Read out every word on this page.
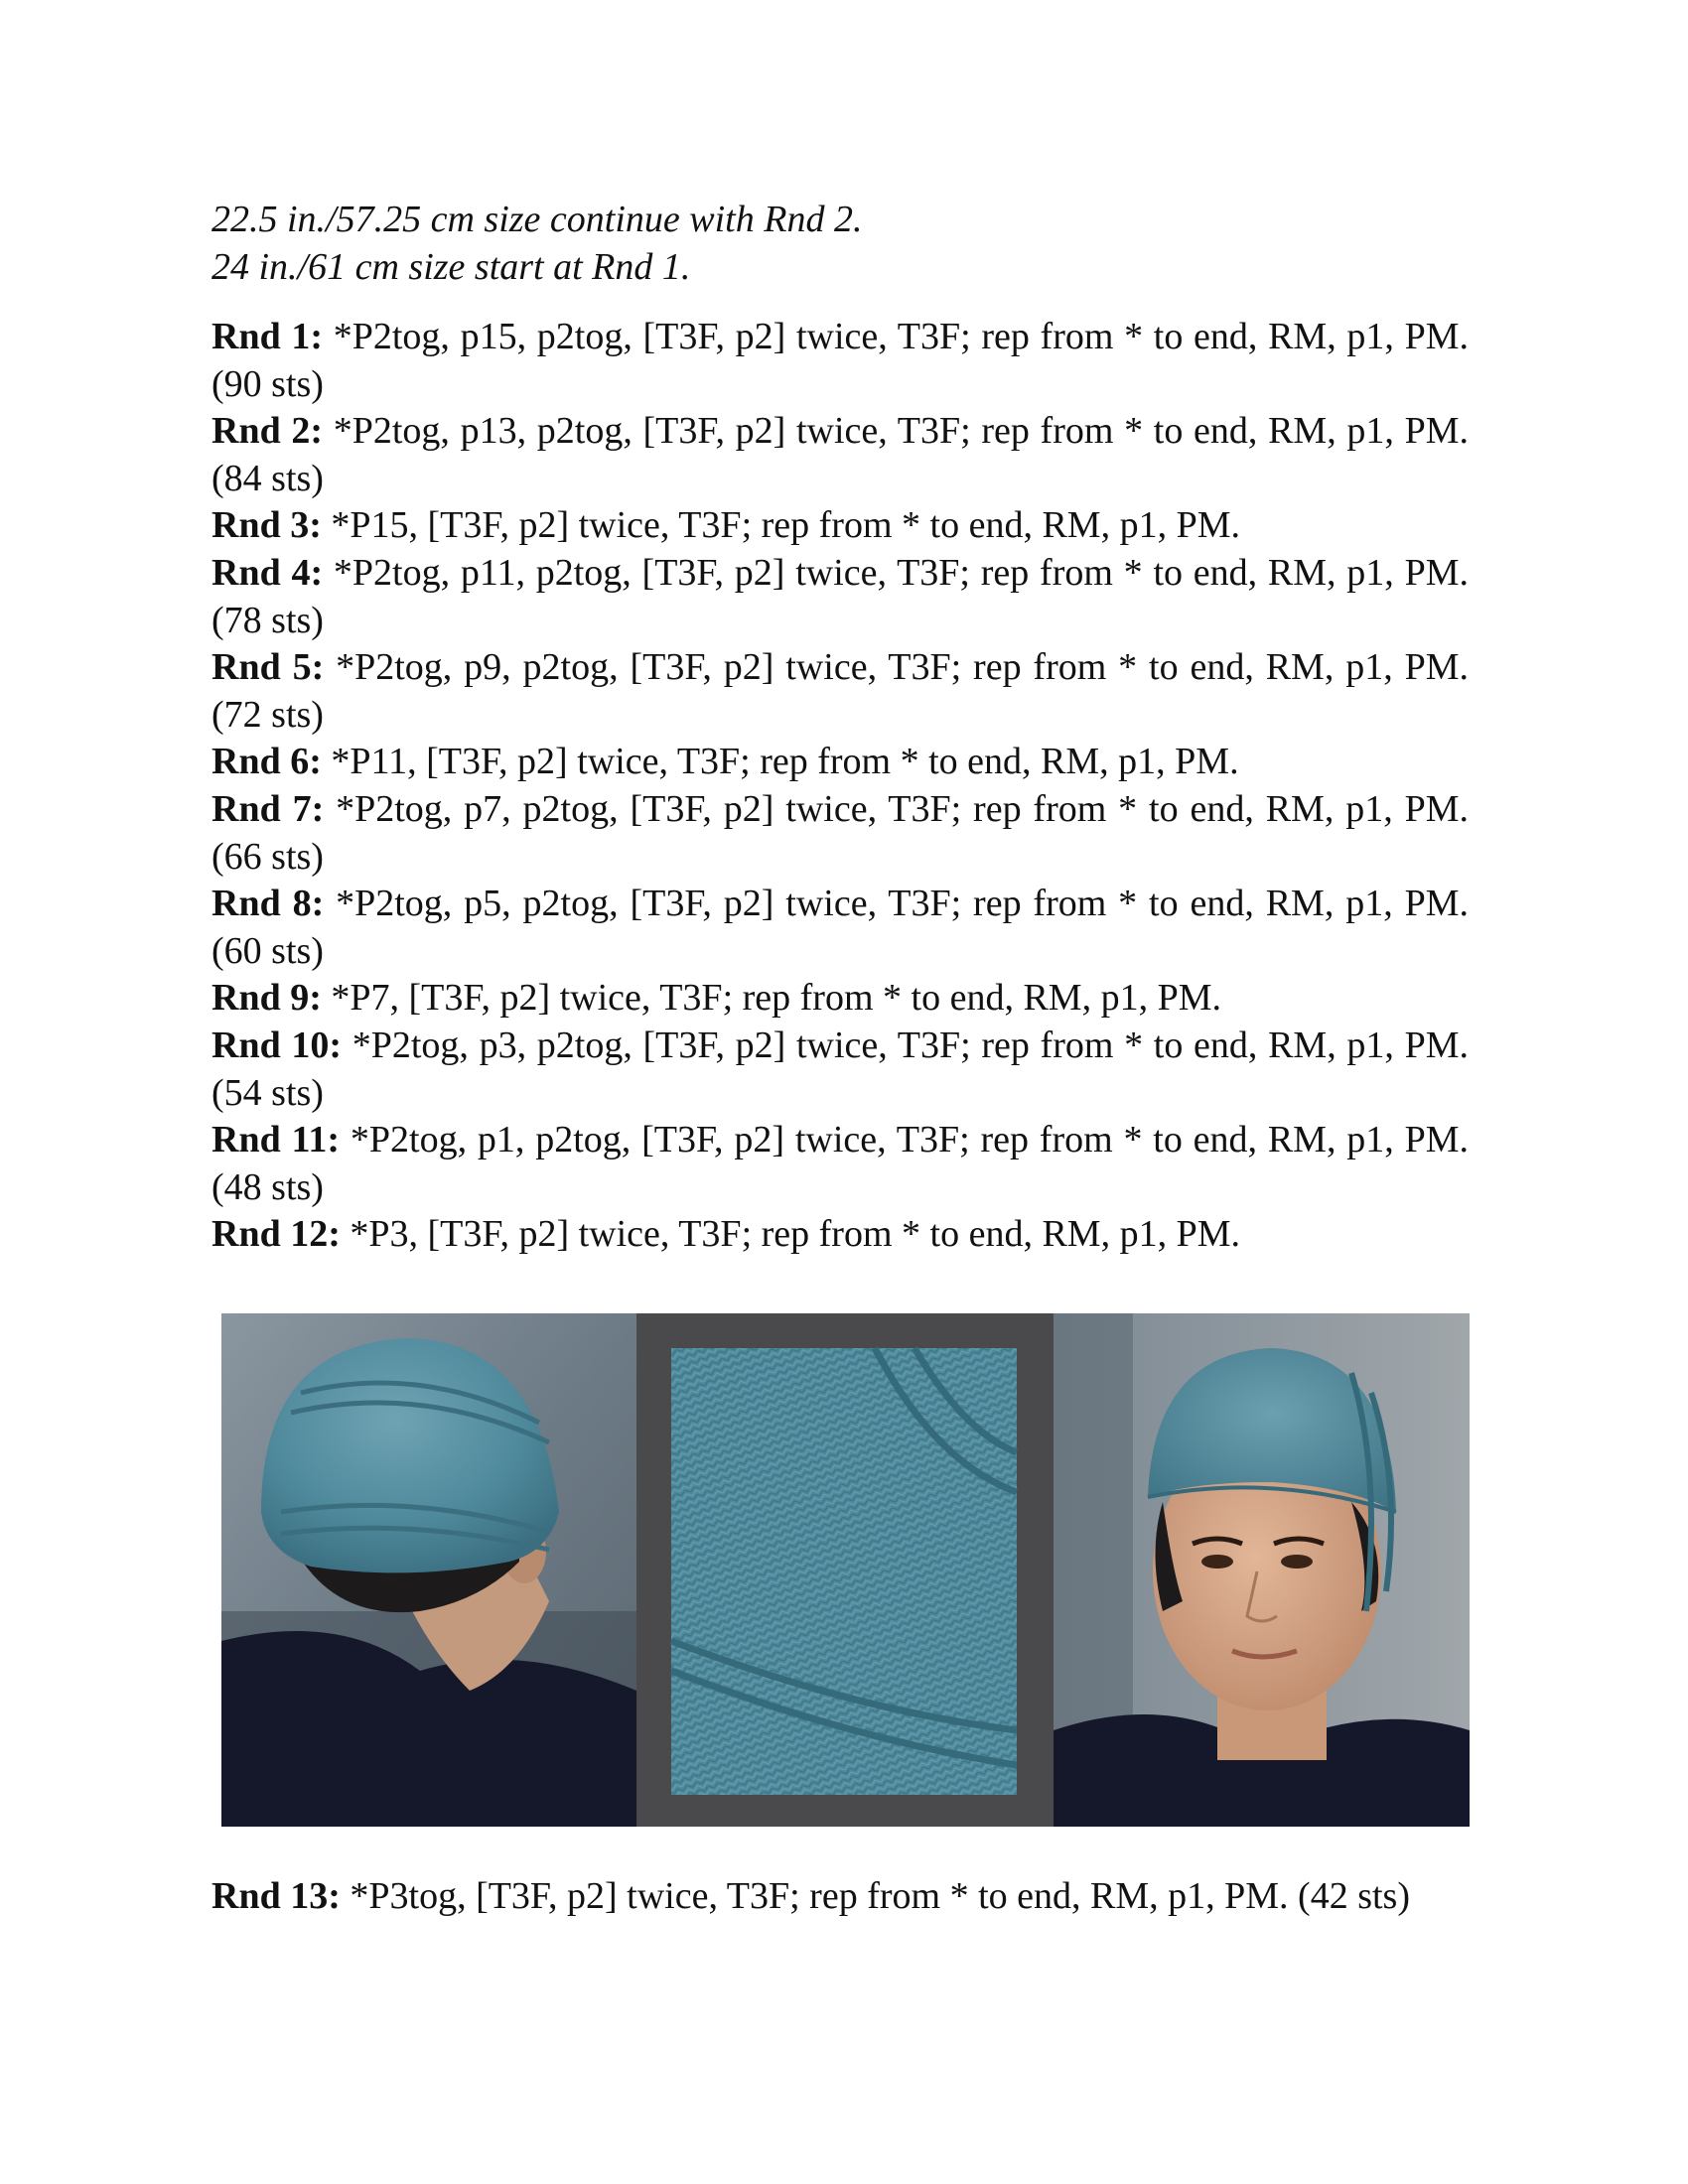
22.5 in./57.25 cm size continue with Rnd 2.

24 in./61 cm size start at Rnd 1.

Rnd 1: *P2tog, p15, p2tog, [T3F, p2] twice, T3F; rep from * to end, RM, p1, PM. (90 sts)

Rnd 2: *P2tog, p13, p2tog, [T3F, p2] twice, T3F; rep from * to end, RM, p1, PM. (84 sts)

Rnd 3: *P15, [T3F, p2] twice, T3F; rep from * to end, RM, p1, PM.

Rnd 4: *P2tog, p11, p2tog, [T3F, p2] twice, T3F; rep from * to end, RM, p1, PM. (78 sts)

Rnd 5: *P2tog, p9, p2tog, [T3F, p2] twice, T3F; rep from * to end, RM, p1, PM. (72 sts)

Rnd 6: *P11, [T3F, p2] twice, T3F; rep from * to end, RM, p1, PM.

Rnd 7: *P2tog, p7, p2tog, [T3F, p2] twice, T3F; rep from * to end, RM, p1, PM. (66 sts)

Rnd 8: *P2tog, p5, p2tog, [T3F, p2] twice, T3F; rep from * to end, RM, p1, PM. (60 sts)

Rnd 9: *P7, [T3F, p2] twice, T3F; rep from * to end, RM, p1, PM.

Rnd 10: *P2tog, p3, p2tog, [T3F, p2] twice, T3F; rep from * to end, RM, p1, PM. (54 sts)

Rnd 11: *P2tog, p1, p2tog, [T3F, p2] twice, T3F; rep from * to end, RM, p1, PM. (48 sts)

Rnd 12: *P3, [T3F, p2] twice, T3F; rep from * to end, RM, p1, PM.

Rnd 13: *P3tog, [T3F, p2] twice, T3F; rep from * to end, RM, p1, PM. (42 sts)
